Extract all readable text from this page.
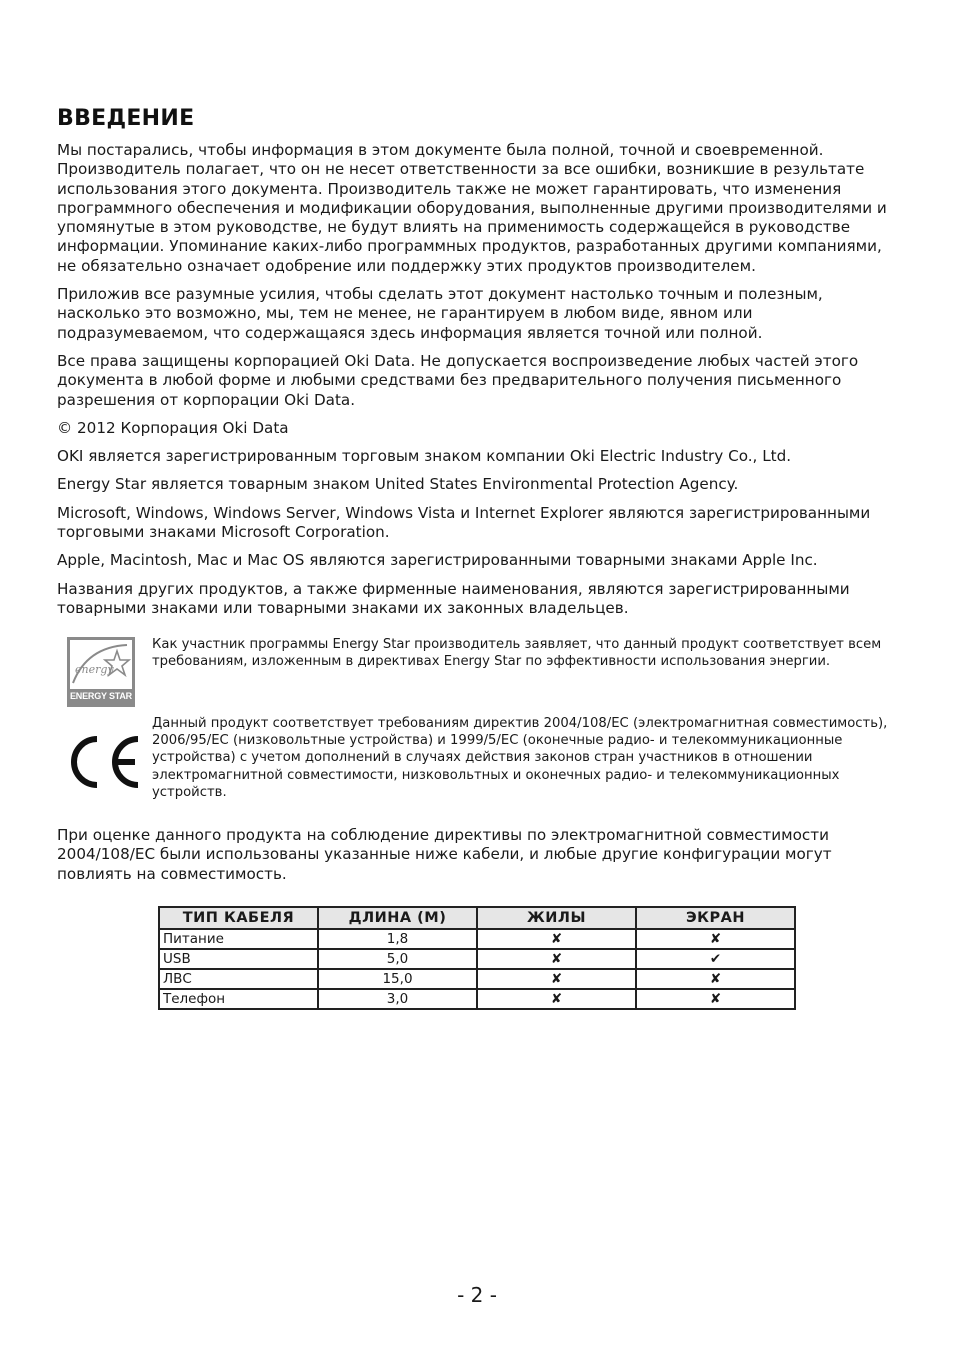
ВВЕДЕНИЕ

Мы постарались, чтобы информация в этом документе была полной, точной и своевременной. Производитель полагает, что он не несет ответственности за все ошибки, возникшие в результате использования этого документа. Производитель также не может гарантировать, что изменения программного обеспечения и модификации оборудования, выполненные другими производителями и упомянутые в этом руководстве, не будут влиять на применимость содержащейся в руководстве информации. Упоминание каких-либо программных продуктов, разработанных другими компаниями, не обязательно означает одобрение или поддержку этих продуктов производителем.

Приложив все разумные усилия, чтобы сделать этот документ настолько точным и полезным, насколько это возможно, мы, тем не менее, не гарантируем в любом виде, явном или подразумеваемом, что содержащаяся здесь информация является точной или полной.

Все права защищены корпорацией Oki Data. Не допускается воспроизведение любых частей этого документа в любой форме и любыми средствами без предварительного получения письменного разрешения от корпорации Oki Data.

© 2012 Корпорация Oki Data

OKI является зарегистрированным торговым знаком компании Oki Electric Industry Co., Ltd.

Energy Star является товарным знаком United States Environmental Protection Agency.

Microsoft, Windows, Windows Server, Windows Vista и Internet Explorer являются зарегистрированными торговыми знаками Microsoft Corporation.

Apple, Macintosh, Mac и Mac OS являются зарегистрированными товарными знаками Apple Inc.

Названия других продуктов, а также фирменные наименования, являются зарегистрированными товарными знаками или товарными знаками их законных владельцев.

energy
ENERGY STAR
Как участник программы Energy Star производитель заявляет, что данный продукт соответствует всем требованиям, изложенным в директивах Energy Star по эффективности использования энергии.
Данный продукт соответствует требованиям директив 2004/108/EC (электромагнитная совместимость), 2006/95/EC (низковольтные устройства) и 1999/5/EC (оконечные радио- и телекоммуникационные устройства) с учетом дополнений в случаях действия законов стран участников в отношении электромагнитной совместимости, низковольтных и оконечных радио- и телекоммуникационных устройств.

При оценке данного продукта на соблюдение директивы по электромагнитной совместимости 2004/108/EC были использованы указанные ниже кабели, и любые другие конфигурации могут повлиять на совместимость.

ТИП КАБЕЛЯ	ДЛИНА (М)	ЖИЛЫ	ЭКРАН
Питание	1,8	✘	✘
USB	5,0	✘	✔
ЛВС	15,0	✘	✘
Телефон	3,0	✘	✘
- 2 -
